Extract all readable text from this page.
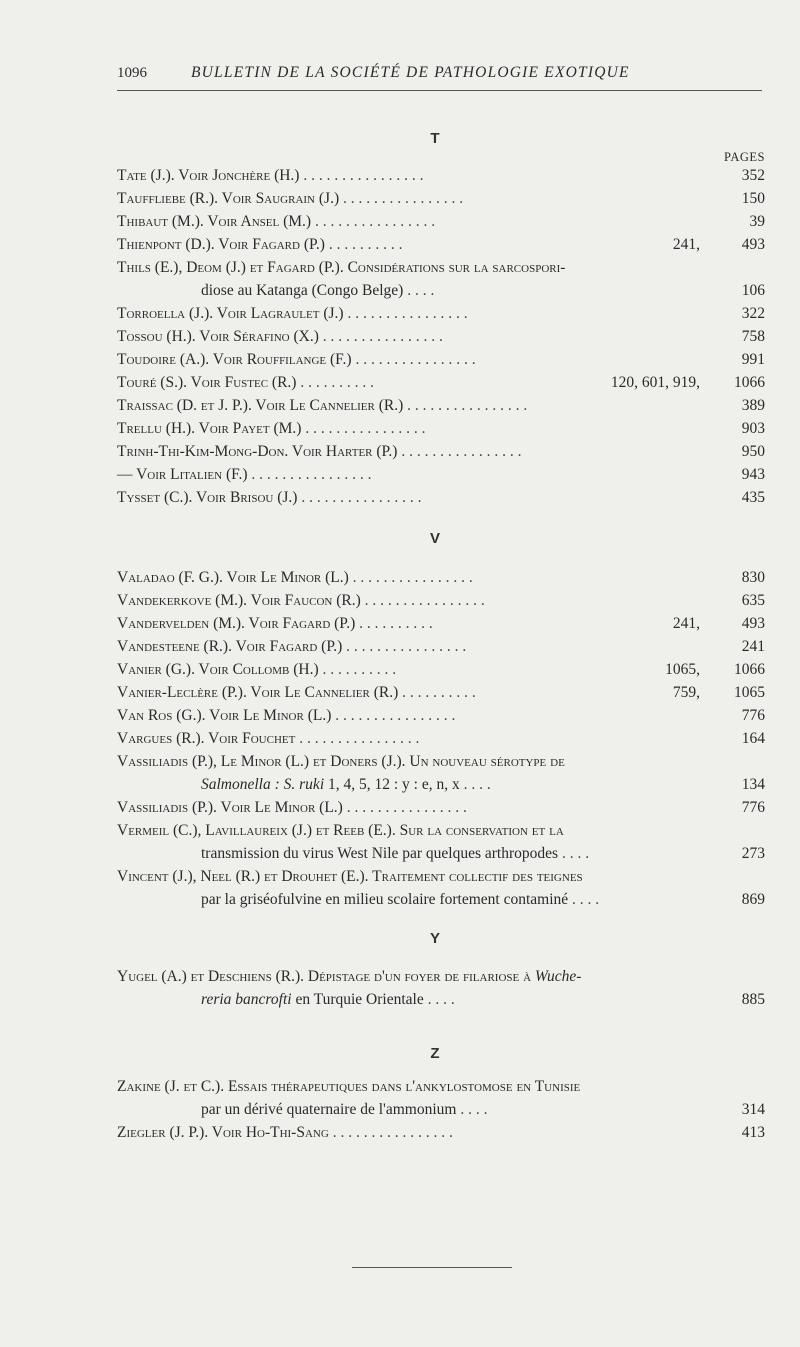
1096	BULLETIN DE LA SOCIÉTÉ DE PATHOLOGIE EXOTIQUE
T
PAGES
V
Y
Z
Tate (J.). Voir Jonchère (H.) . . . . . . . . . . . . . . . .	352
Tauffliebe (R.). Voir Saugrain (J.) . . . . . . . . . . . . . . . .	150
Thibaut (M.). Voir Ansel (M.) . . . . . . . . . . . . . . . .	39
Thienpont (D.). Voir Fagard (P.) . . . . . . . . . .	241,	493
Thils (E.), Deom (J.) et Fagard (P.). Considérations sur la sarcospori-
diose au Katanga (Congo Belge) . . . .	106
Torroella (J.). Voir Lagraulet (J.) . . . . . . . . . . . . . . . .	322
Tossou (H.). Voir Sérafino (X.) . . . . . . . . . . . . . . . .	758
Toudoire (A.). Voir Rouffilange (F.) . . . . . . . . . . . . . . . .	991
Touré (S.). Voir Fustec (R.) . . . . . . . . . .	120, 601, 919,	1066
Traissac (D. et J. P.). Voir Le Cannelier (R.) . . . . . . . . . . . . . . . .	389
Trellu (H.). Voir Payet (M.) . . . . . . . . . . . . . . . .	903
Trinh-Thi-Kim-Mong-Don. Voir Harter (P.) . . . . . . . . . . . . . . . .	950
— Voir Litalien (F.) . . . . . . . . . . . . . . . .	943
Tysset (C.). Voir Brisou (J.) . . . . . . . . . . . . . . . .	435
Valadao (F. G.). Voir Le Minor (L.) . . . . . . . . . . . . . . . .	830
Vandekerkove (M.). Voir Faucon (R.) . . . . . . . . . . . . . . . .	635
Vandervelden (M.). Voir Fagard (P.) . . . . . . . . . .	241,	493
Vandesteene (R.). Voir Fagard (P.) . . . . . . . . . . . . . . . .	241
Vanier (G.). Voir Collomb (H.) . . . . . . . . . .	1065,	1066
Vanier-Leclère (P.). Voir Le Cannelier (R.) . . . . . . . . . .	759,	1065
Van Ros (G.). Voir Le Minor (L.) . . . . . . . . . . . . . . . .	776
Vargues (R.). Voir Fouchet . . . . . . . . . . . . . . . .	164
Vassiliadis (P.), Le Minor (L.) et Doners (J.). Un nouveau sérotype de
Salmonella : S. ruki 1, 4, 5, 12 : y : e, n, x . . . .	134
Vassiliadis (P.). Voir Le Minor (L.) . . . . . . . . . . . . . . . .	776
Vermeil (C.), Lavillaureix (J.) et Reeb (E.). Sur la conservation et la
transmission du virus West Nile par quelques arthropodes . . . .	273
Vincent (J.), Neel (R.) et Drouhet (E.). Traitement collectif des teignes
par la griséofulvine en milieu scolaire fortement contaminé . . . .	869
Yugel (A.) et Deschiens (R.). Dépistage d'un foyer de filariose à Wuche-
reria bancrofti en Turquie Orientale . . . .	885
Zakine (J. et C.). Essais thérapeutiques dans l'ankylostomose en Tunisie
par un dérivé quaternaire de l'ammonium . . . .	314
Ziegler (J. P.). Voir Ho-Thi-Sang . . . . . . . . . . . . . . . .	413
